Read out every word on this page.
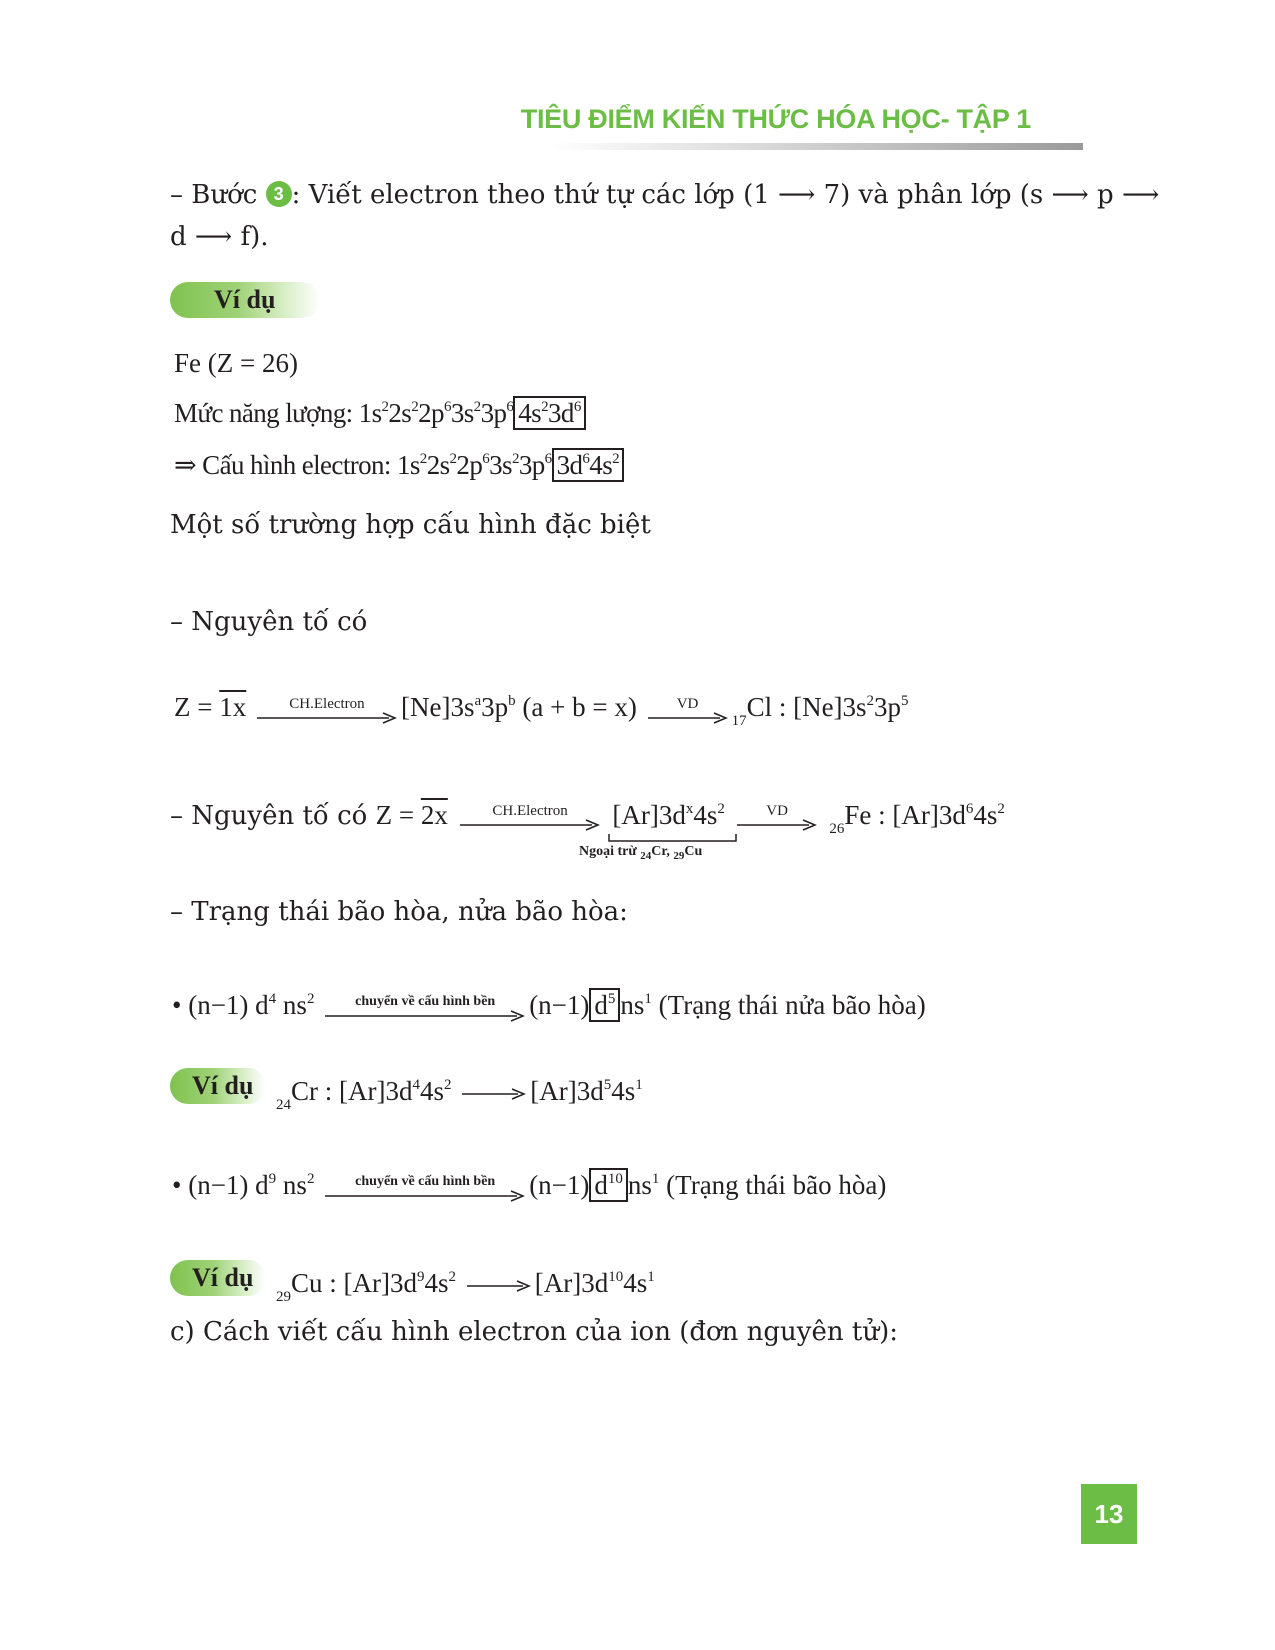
TIÊU ĐIỂM KIẾN THỨC HÓA HỌC- TẬP 1
– Bước 3 : Viết electron theo thứ tự các lớp (1 ⟶ 7) và phân lớp (s ⟶ p ⟶
d ⟶ f).
Ví dụ
Fe (Z = 26)
Mức năng lượng: $1s^22s^22p^63s^23p^6$ $4s^23d^6$
⇒ Cấu hình electron: $1s^22s^22p^63s^23p^6$ $3d^64s^2$
Một số trường hợp cấu hình đặc biệt
– Nguyên tố có
Z = 1x	CH.Electron $[Ne]3s^a3p^b$ (a + b = x) VD
$_{17}$Cl : $[Ne]3s^23p^5$
– Nguyên tố có Z = 2x	CH.Electron $[Ar]3d^x4s^2$
	VD
$_{26}$Fe : $[Ar]3d^64s^2$
Ngoại trừ $_{24}$Cr, $_{29}$Cu
– Trạng thái bão hòa, nửa bão hòa:
• (n−1) $d^4$ $ns^2$	chuyển về cấu hình bền (n−1) $d^5$ $ns^1$ (Trạng thái nửa bão hòa)
Ví dụ
$_{24}$Cr : $[Ar]3d^44s^2$	$[Ar]3d^54s^1$
• (n−1) $d^9$ $ns^2$	chuyển về cấu hình bền (n−1) $d^{10}$ $ns^1$ (Trạng thái bão hòa)
Ví dụ
$_{29}$Cu : $[Ar]3d^94s^2$	$[Ar]3d^{10}4s^1$
c) Cách viết cấu hình electron của ion (đơn nguyên tử):
13
